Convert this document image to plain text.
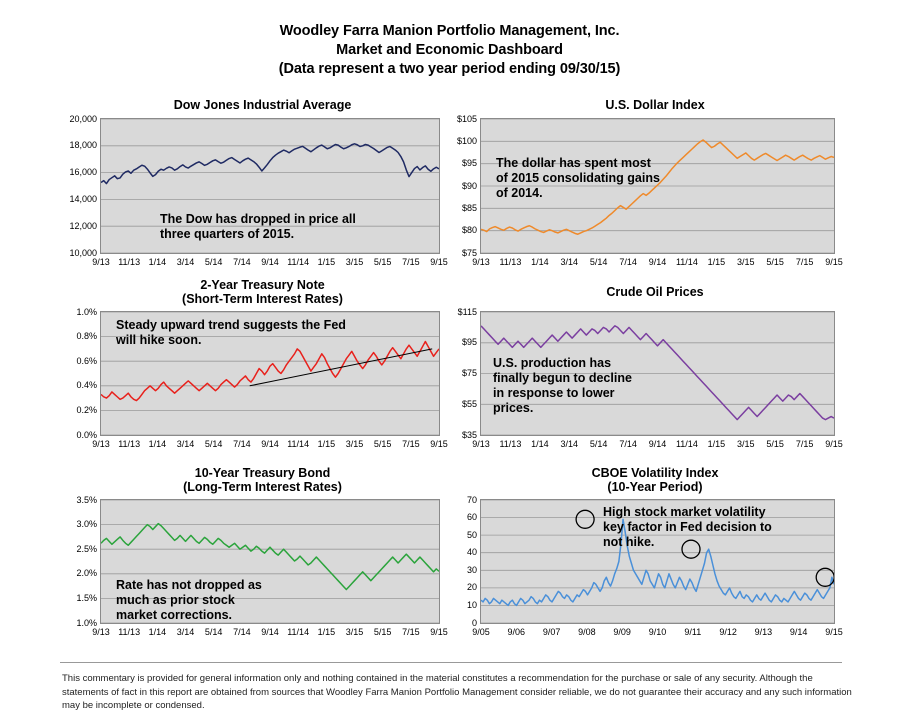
Woodley Farra Manion Portfolio Management, Inc.
Market and Economic Dashboard
(Data represent a two year period ending 09/30/15)
Dow Jones Industrial Average
10,000
12,000
14,000
16,000
18,000
20,000
9/13 11/13 1/14	3/14	5/14	7/14	9/14 11/14 1/15	3/15	5/15	7/15	9/15
The Dow has dropped in price all
three quarters of 2015.
U.S. Dollar Index
$75
$80
$85
$90
$95
$100
$105
9/13	11/13	1/14	3/14	5/14	7/14	9/14	11/14	1/15	3/15	5/15	7/15	9/15
The dollar has spent most
of 2015 consolidating gains
of 2014.
2-Year Treasury Note
(Short-Term Interest Rates)
0.0%
0.2%
0.4%
0.6%
0.8%
1.0%
9/13 11/13 1/14	3/14	5/14	7/14	9/14 11/14 1/15	3/15	5/15	7/15	9/15
Steady upward trend suggests the Fed
will hike soon.
Crude Oil Prices
$35
$55
$75
$95
$115
9/13	11/13	1/14	3/14	5/14	7/14	9/14	11/14	1/15	3/15	5/15	7/15	9/15
U.S. production has
finally begun to decline
in response to lower
prices.
10-Year Treasury Bond
(Long-Term Interest Rates)
1.0%
1.5%
2.0%
2.5%
3.0%
3.5%
9/13 11/13 1/14	3/14	5/14	7/14	9/14 11/14 1/15	3/15	5/15	7/15	9/15
Rate has not dropped as
much as prior stock
market corrections.
CBOE Volatility Index
(10-Year Period)
0
10
20
30
40
50
60
70
9/05	9/06	9/07	9/08	9/09	9/10	9/11	9/12	9/13	9/14	9/15
High stock market volatility
key factor in Fed decision to
not hike.
This commentary is provided for general information only and nothing contained in the material constitutes a recommendation for the purchase or sale of any security. Although the statements of fact in this report are obtained from sources that Woodley Farra Manion Portfolio Management consider reliable, we do not guarantee their accuracy and any such information may be incomplete or condensed.
